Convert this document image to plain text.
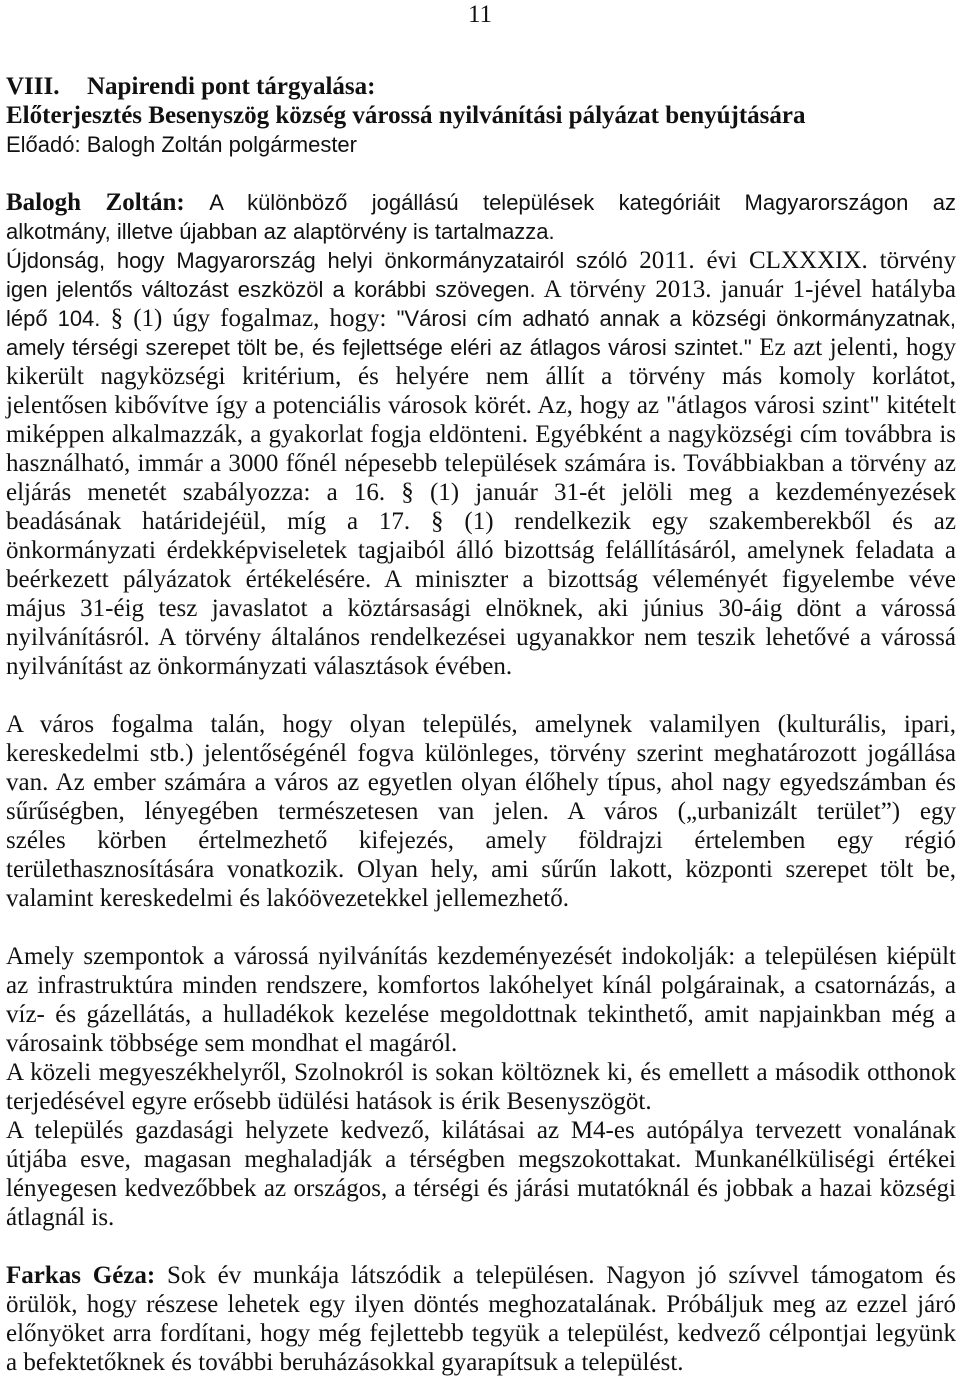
11
VIII. Napirendi pont tárgyalása:
Előterjesztés Besenyszög község várossá nyilvánítási pályázat benyújtására
Előadó: Balogh Zoltán polgármester
Balogh Zoltán: A különböző jogállású települések kategóriáit Magyarországon az
alkotmány, illetve újabban az alaptörvény is tartalmazza.
Újdonság, hogy Magyarország helyi önkormányzatairól szóló 2011. évi CLXXXIX. törvény
igen jelentős változást eszközöl a korábbi szövegen. A törvény 2013. január 1-jével hatályba
lépő 104. § (1) úgy fogalmaz, hogy: "Városi cím adható annak a községi önkormányzatnak,
amely térségi szerepet tölt be, és fejlettsége eléri az átlagos városi szintet." Ez azt jelenti, hogy
kikerült nagyközségi kritérium, és helyére nem állít a törvény más komoly korlátot,
jelentősen kibővítve így a potenciális városok körét. Az, hogy az "átlagos városi szint" kitételt
miképpen alkalmazzák, a gyakorlat fogja eldönteni. Egyébként a nagyközségi cím továbbra is
használható, immár a 3000 főnél népesebb települések számára is. Továbbiakban a törvény az
eljárás menetét szabályozza: a 16. § (1) január 31-ét jelöli meg a kezdeményezések
beadásának határidejéül, míg a 17. § (1) rendelkezik egy szakemberekből és az
önkormányzati érdekképviseletek tagjaiból álló bizottság felállításáról, amelynek feladata a
beérkezett pályázatok értékelésére. A miniszter a bizottság véleményét figyelembe véve
május 31-éig tesz javaslatot a köztársasági elnöknek, aki június 30-áig dönt a várossá
nyilvánításról. A törvény általános rendelkezései ugyanakkor nem teszik lehetővé a várossá
nyilvánítást az önkormányzati választások évében.
A város fogalma talán, hogy olyan település, amelynek valamilyen (kulturális, ipari,
kereskedelmi stb.) jelentőségénél fogva különleges, törvény szerint meghatározott jogállása
van. Az ember számára a város az egyetlen olyan élőhely típus, ahol nagy egyedszámban és
sűrűségben, lényegében természetesen van jelen. A város („urbanizált terület”) egy
széles körben értelmezhető kifejezés, amely földrajzi értelemben egy régió
területhasznosítására vonatkozik. Olyan hely, ami sűrűn lakott, központi szerepet tölt be,
valamint kereskedelmi és lakóövezetekkel jellemezhető.
Amely szempontok a várossá nyilvánítás kezdeményezését indokolják: a településen kiépült
az infrastruktúra minden rendszere, komfortos lakóhelyet kínál polgárainak, a csatornázás, a
víz- és gázellátás, a hulladékok kezelése megoldottnak tekinthető, amit napjainkban még a
városaink többsége sem mondhat el magáról.
A közeli megyeszékhelyről, Szolnokról is sokan költöznek ki, és emellett a második otthonok
terjedésével egyre erősebb üdülési hatások is érik Besenyszögöt.
A település gazdasági helyzete kedvező, kilátásai az M4-es autópálya tervezett vonalának
útjába esve, magasan meghaladják a térségben megszokottakat. Munkanélküliségi értékei
lényegesen kedvezőbbek az országos, a térségi és járási mutatóknál és jobbak a hazai községi
átlagnál is.
Farkas Géza: Sok év munkája látszódik a településen. Nagyon jó szívvel támogatom és
örülök, hogy részese lehetek egy ilyen döntés meghozatalának. Próbáljuk meg az ezzel járó
előnyöket arra fordítani, hogy még fejlettebb tegyük a települést, kedvező célpontjai legyünk
a befektetőknek és további beruházásokkal gyarapítsuk a települést.
